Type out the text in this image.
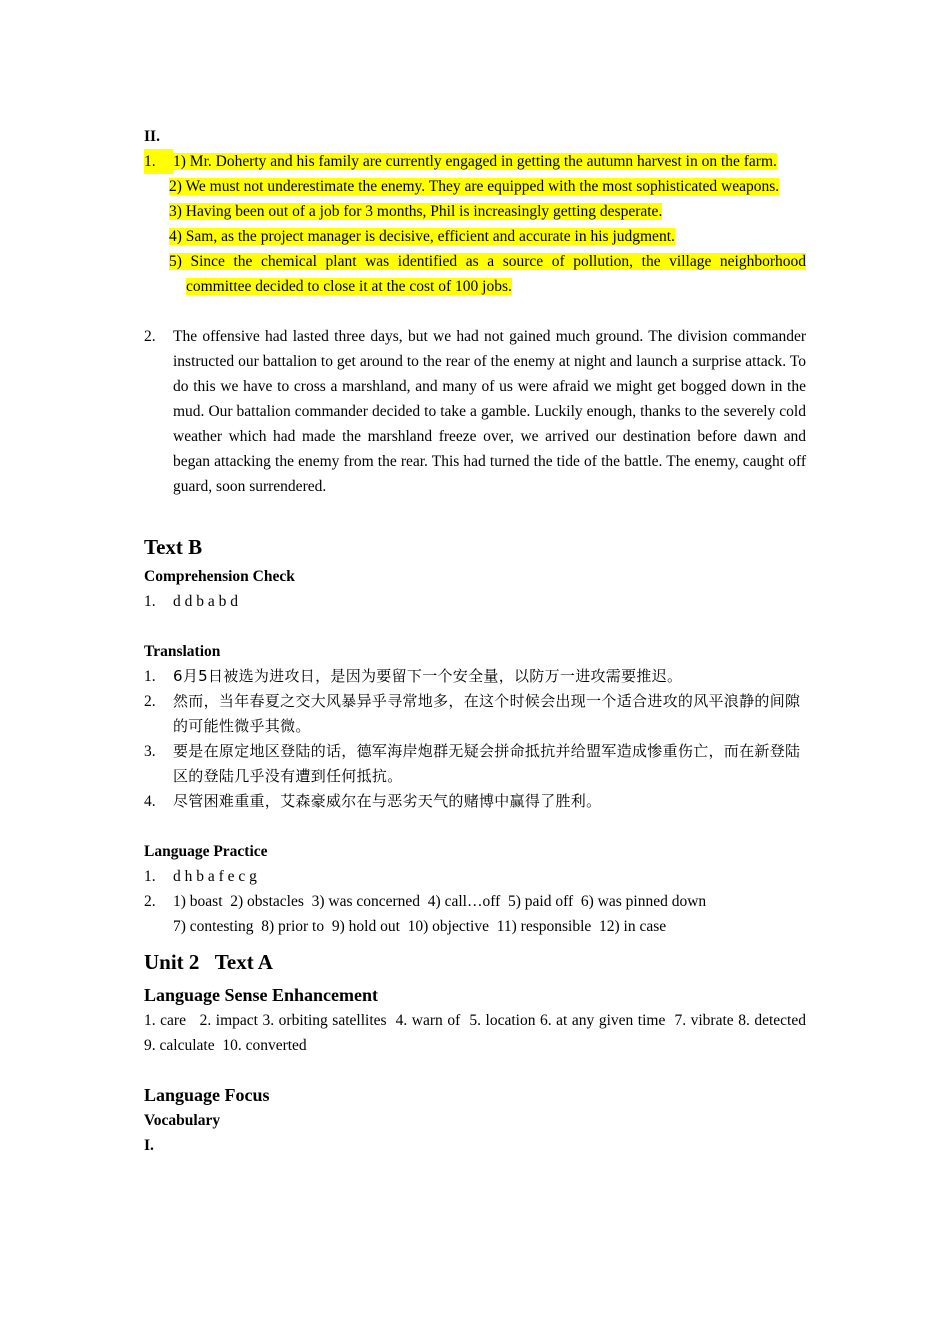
II.
1.	1) Mr. Doherty and his family are currently engaged in getting the autumn harvest in on the farm.
2) We must not underestimate the enemy. They are equipped with the most sophisticated weapons.
3) Having been out of a job for 3 months, Phil is increasingly getting desperate.
4) Sam, as the project manager is decisive, efficient and accurate in his judgment.
5) Since the chemical plant was identified as a source of pollution, the village neighborhood committee decided to close it at the cost of 100 jobs.
2.	The offensive had lasted three days, but we had not gained much ground. The division commander instructed our battalion to get around to the rear of the enemy at night and launch a surprise attack. To do this we have to cross a marshland, and many of us were afraid we might get bogged down in the mud. Our battalion commander decided to take a gamble. Luckily enough, thanks to the severely cold weather which had made the marshland freeze over, we arrived our destination before dawn and began attacking the enemy from the rear. This had turned the tide of the battle. The enemy, caught off guard, soon surrendered.
Text B
Comprehension Check
1.	d d b a b d
Translation
1.	6月5日被选为进攻日，是因为要留下一个安全量，以防万一进攻需要推迟。
2.	然而，当年春夏之交大风暴异乎寻常地多，在这个时候会出现一个适合进攻的风平浪静的间隙的可能性微乎其微。
3.	要是在原定地区登陆的话，德军海岸炮群无疑会拼命抵抗并给盟军造成惨重伤亡，而在新登陆区的登陆几乎没有遭到任何抵抗。
4.	尽管困难重重，艾森豪威尔在与恶劣天气的赌博中赢得了胜利。
Language Practice
1.	d h b a f e c g
2.	1) boast  2) obstacles  3) was concerned  4) call…off  5) paid off  6) was pinned down
7) contesting  8) prior to  9) hold out  10) objective  11) responsible  12) in case
Unit 2   Text A
Language Sense Enhancement
1. care   2. impact 3. orbiting satellites  4. warn of  5. location 6. at any given time  7. vibrate 8. detected  9. calculate  10. converted
Language Focus
Vocabulary
I.
